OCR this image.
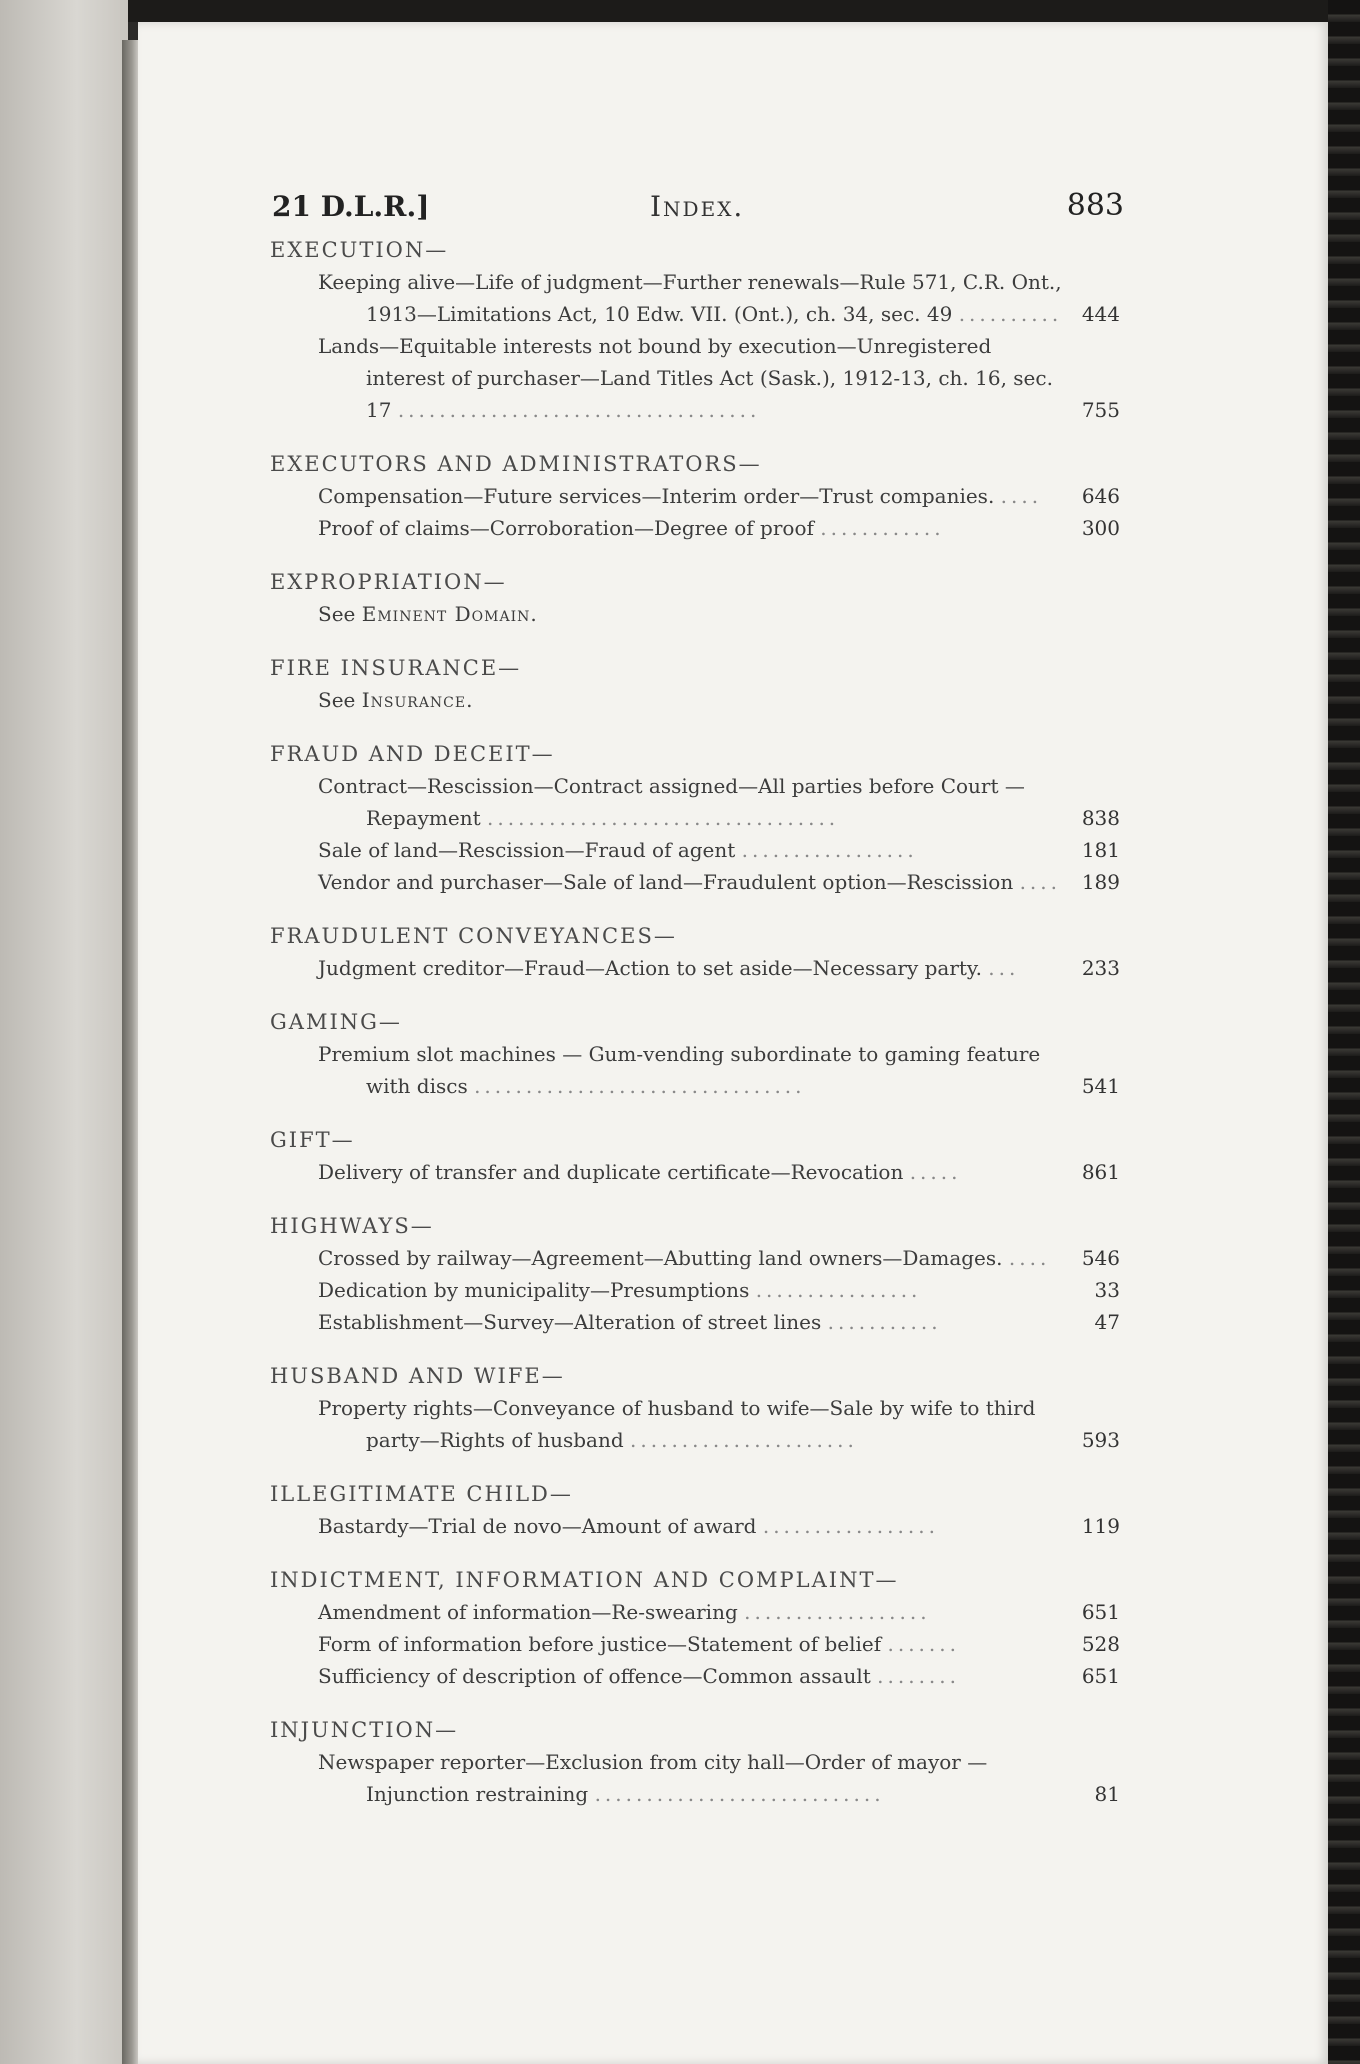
21 D.L.R.]	Index.	883
EXECUTION—
Keeping alive—Life of judgment—Further renewals—Rule 571, C.R. Ont., 1913—Limitations Act, 10 Edw. VII. (Ont.), ch. 34, sec. 49 .......... 444
Lands—Equitable interests not bound by execution—Unregistered interest of purchaser—Land Titles Act (Sask.), 1912-13, ch. 16, sec. 17 ...................................	755
EXECUTORS AND ADMINISTRATORS—
Compensation—Future services—Interim order—Trust companies. ....	646
Proof of claims—Corroboration—Degree of proof ............	300
EXPROPRIATION—
See Eminent Domain.
FIRE INSURANCE—
See Insurance.
FRAUD AND DECEIT—
Contract—Rescission—Contract assigned—All parties before Court —Repayment ..................................	838
Sale of land—Rescission—Fraud of agent .................	181
Vendor and purchaser—Sale of land—Fraudulent option—Rescission ....	189
FRAUDULENT CONVEYANCES—
Judgment creditor—Fraud—Action to set aside—Necessary party. ...	233
GAMING—
Premium slot machines — Gum-vending subordinate to gaming feature with discs ................................	541
GIFT—
Delivery of transfer and duplicate certificate—Revocation .....	861
HIGHWAYS—
Crossed by railway—Agreement—Abutting land owners—Damages. ....	546
Dedication by municipality—Presumptions ................	33
Establishment—Survey—Alteration of street lines ...........	47
HUSBAND AND WIFE—
Property rights—Conveyance of husband to wife—Sale by wife to third party—Rights of husband ......................	593
ILLEGITIMATE CHILD—
Bastardy—Trial de novo—Amount of award .................	119
INDICTMENT, INFORMATION AND COMPLAINT—
Amendment of information—Re-swearing ..................	651
Form of information before justice—Statement of belief .......	528
Sufficiency of description of offence—Common assault ........	651
INJUNCTION—
Newspaper reporter—Exclusion from city hall—Order of mayor —Injunction restraining ............................	81
